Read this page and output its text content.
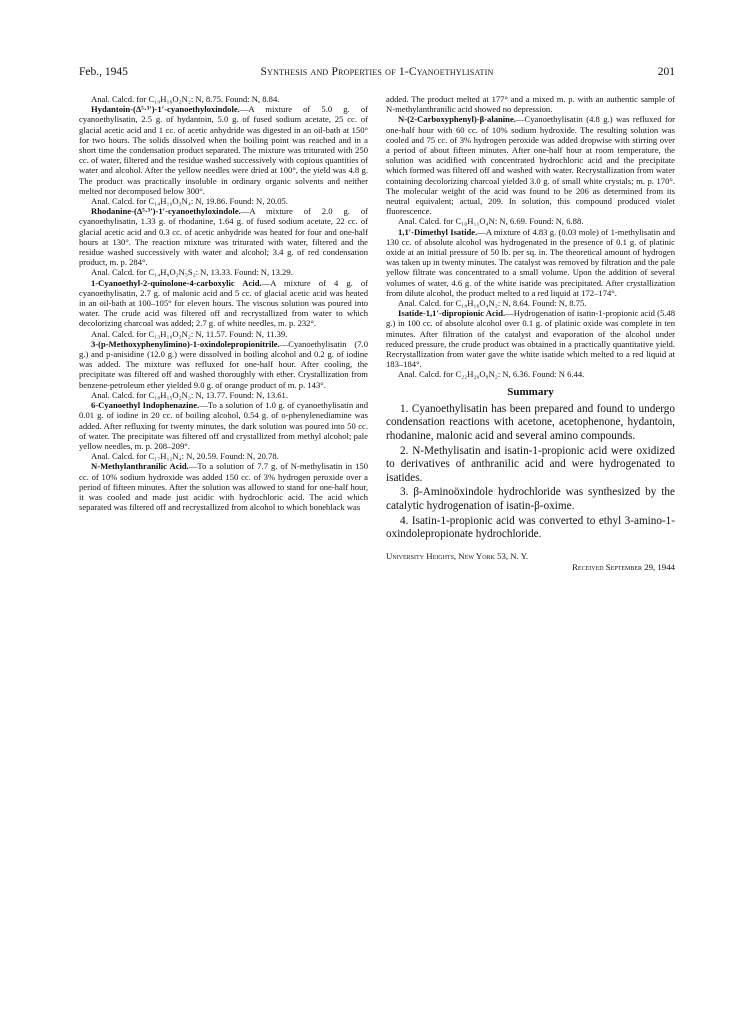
Feb., 1945	Synthesis and Properties of 1-Cyanoethylisatin	201

Anal. Calcd. for C₁₉H₁₆O₂N₂: N, 8.75. Found: N, 8.84.

Hydantoin-(Δ⁵·³′)-1′-cyanoethyloxindole.—A mixture of 5.0 g. of cyanoethylisatin, 2.5 g. of hydantoin, 5.0 g. of fused sodium acetate, 25 cc. of glacial acetic acid and 1 cc. of acetic anhydride was digested in an oil-bath at 150° for two hours. The solids dissolved when the boiling point was reached and in a short time the condensation product separated. The mixture was triturated with 250 cc. of water, filtered and the residue washed successively with copious quantities of water and alcohol. After the yellow needles were dried at 100°, the yield was 4.8 g. The product was practically insoluble in ordinary organic solvents and neither melted nor decomposed below 300°.

Anal. Calcd. for C₁₄H₁₀O₃N₄: N, 19.86. Found: N, 20.05.

Rhodanine-(Δ⁵·³′)-1′-cyanoethyloxindole.—A mixture of 2.0 g. of cyanoethylisatin, 1.33 g. of rhodanine, 1.64 g. of fused sodium acetate, 22 cc. of glacial acetic acid and 0.3 cc. of acetic anhydride was heated for four and one-half hours at 130°. The reaction mixture was triturated with water, filtered and the residue washed successively with water and alcohol; 3.4 g. of red condensation product, m. p. 284°.

Anal. Calcd. for C₁₄H₉O₂N₃S₂: N, 13.33. Found: N, 13.29.

1-Cyanoethyl-2-quinolone-4-carboxylic Acid.—A mixture of 4 g. of cyanoethylisatin, 2.7 g. of malonic acid and 5 cc. of glacial acetic acid was heated in an oil-bath at 100–105° for eleven hours. The viscous solution was poured into water. The crude acid was filtered off and recrystallized from water to which decolorizing charcoal was added; 2.7 g. of white needles, m. p. 232°.

Anal. Calcd. for C₁₃H₁₀O₃N₂: N, 11.57. Found: N, 11.39.

3-(p-Methoxyphenylimino)-1-oxindolepropionitrile.—Cyanoethylisatin (7.0 g.) and p-anisidine (12.0 g.) were dissolved in boiling alcohol and 0.2 g. of iodine was added. The mixture was refluxed for one-half hour. After cooling, the precipitate was filtered off and washed thoroughly with ether. Crystallization from benzene-petroleum ether yielded 9.0 g. of orange product of m. p. 143°.

Anal. Calcd. for C₁₈H₁₅O₂N₃: N, 13.77. Found: N, 13.61.

6-Cyanoethyl Indophenazine.—To a solution of 1.0 g. of cyanoethylisatin and 0.01 g. of iodine in 20 cc. of boiling alcohol, 0.54 g. of o-phenylenediamine was added. After refluxing for twenty minutes, the dark solution was poured into 50 cc. of water. The precipitate was filtered off and crystallized from methyl alcohol; pale yellow needles, m. p. 208–209°.

Anal. Calcd. for C₁₇H₁₂N₄: N, 20.59. Found: N, 20.78.

N-Methylanthranilic Acid.—To a solution of 7.7 g. of N-methylisatin in 150 cc. of 10% sodium hydroxide was added 150 cc. of 3% hydrogen peroxide over a period of fifteen minutes. After the solution was allowed to stand for one-half hour, it was cooled and made just acidic with hydrochloric acid. The acid which separated was filtered off and recrystallized from alcohol to which boneblack was

added. The product melted at 177° and a mixed m. p. with an authentic sample of N-methylanthranilic acid showed no depression.

N-(2-Carboxyphenyl)-β-alanine.—Cyanoethylisatin (4.8 g.) was refluxed for one-half hour with 60 cc. of 10% sodium hydroxide. The resulting solution was cooled and 75 cc. of 3% hydrogen peroxide was added dropwise with stirring over a period of about fifteen minutes. After one-half hour at room temperature, the solution was acidified with concentrated hydrochloric acid and the precipitate which formed was filtered off and washed with water. Recrystallization from water containing decolorizing charcoal yielded 3.0 g. of small white crystals; m. p. 170°. The molecular weight of the acid was found to be 206 as determined from its neutral equivalent; actual, 209. In solution, this compound produced violet fluorescence.

Anal. Calcd. for C₁₀H₁₁O₄N: N, 6.69. Found: N, 6.88.

1,1′-Dimethyl Isatide.—A mixture of 4.83 g. (0.03 mole) of 1-methylisatin and 130 cc. of absolute alcohol was hydrogenated in the presence of 0.1 g. of platinic oxide at an initial pressure of 50 lb. per sq. in. The theoretical amount of hydrogen was taken up in twenty minutes. The catalyst was removed by filtration and the pale yellow filtrate was concentrated to a small volume. Upon the addition of several volumes of water, 4.6 g. of the white isatide was precipitated. After crystallization from dilute alcohol, the product melted to a red liquid at 172–174°.

Anal. Calcd. for C₁₈H₁₆O₄N₂: N, 8.64. Found: N, 8.75.

Isatide-1,1′-dipropionic Acid.—Hydrogenation of isatin-1-propionic acid (5.48 g.) in 100 cc. of absolute alcohol over 0.1 g. of platinic oxide was complete in ten minutes. After filtration of the catalyst and evaporation of the alcohol under reduced pressure, the crude product was obtained in a practically quantitative yield. Recrystallization from water gave the white isatide which melted to a red liquid at 183–184°.

Anal. Calcd. for C₂₂H₂₀O₈N₂: N, 6.36. Found: N 6.44.

Summary

1. Cyanoethylisatin has been prepared and found to undergo condensation reactions with acetone, acetophenone, hydantoin, rhodanine, malonic acid and several amino compounds.

2. N-Methylisatin and isatin-1-propionic acid were oxidized to derivatives of anthranilic acid and were hydrogenated to isatides.

3. β-Aminoöxindole hydrochloride was synthesized by the catalytic hydrogenation of isatin-β-oxime.

4. Isatin-1-propionic acid was converted to ethyl 3-amino-1-oxindolepropionate hydrochloride.

University Heights, New York 53, N. Y.
Received September 29, 1944
